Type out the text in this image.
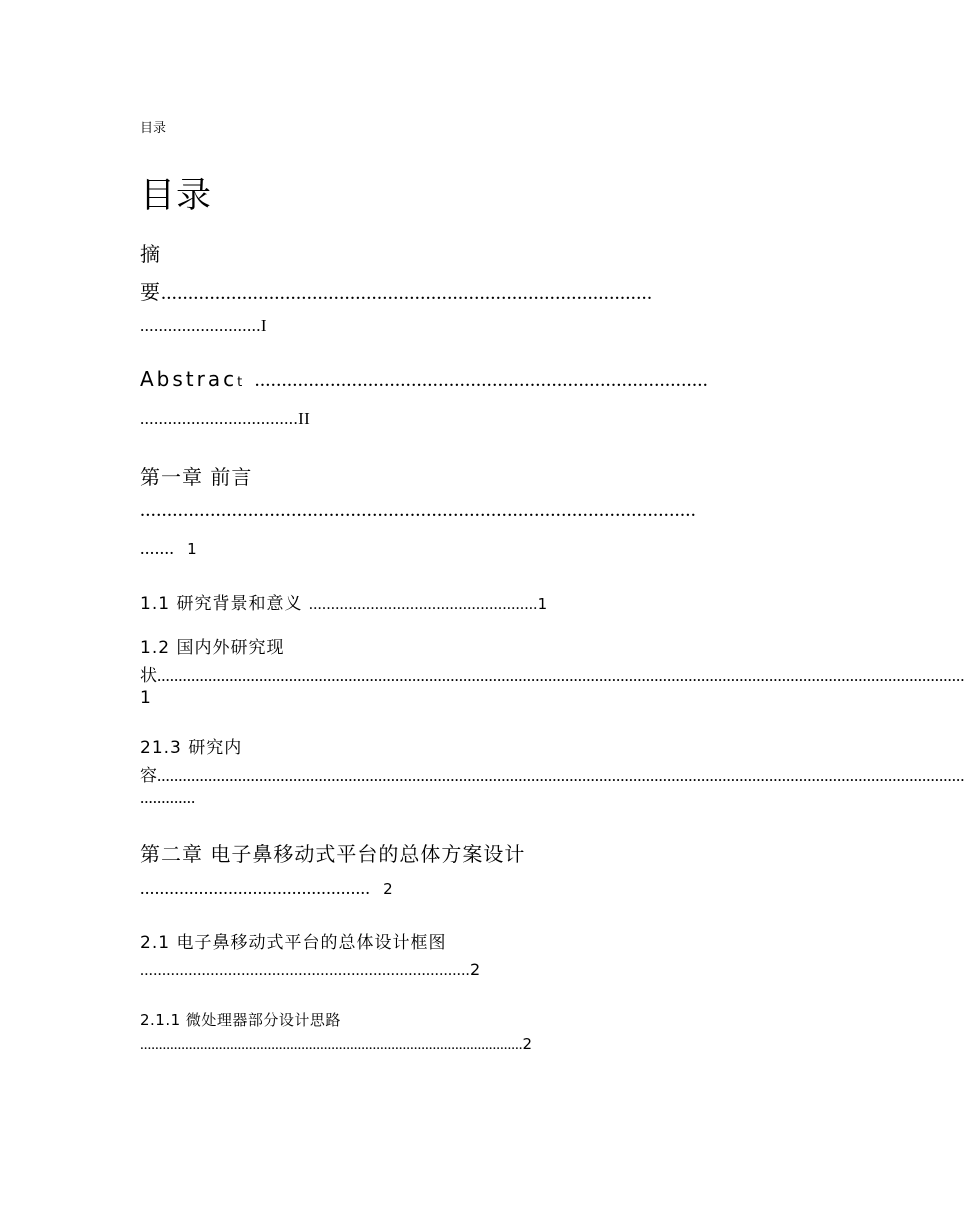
目录
目录
摘
要...........................................................................................
..........................I
Abstract ....................................................................................
..................................II
第一章 前言
.......................................................................................................
....... 1
1.1 研究背景和意义 ....................................................1
1.2 国内外研究现
状..............................................................................................................................................................................................
1
21.3 研究内
容..............................................................................................................................................................................................
.............
第二章 电子鼻移动式平台的总体方案设计
............................................... 2
2.1 电子鼻移动式平台的总体设计框图
...........................................................................2
2.1.1 微处理器部分设计思路
......................................................................................................2
